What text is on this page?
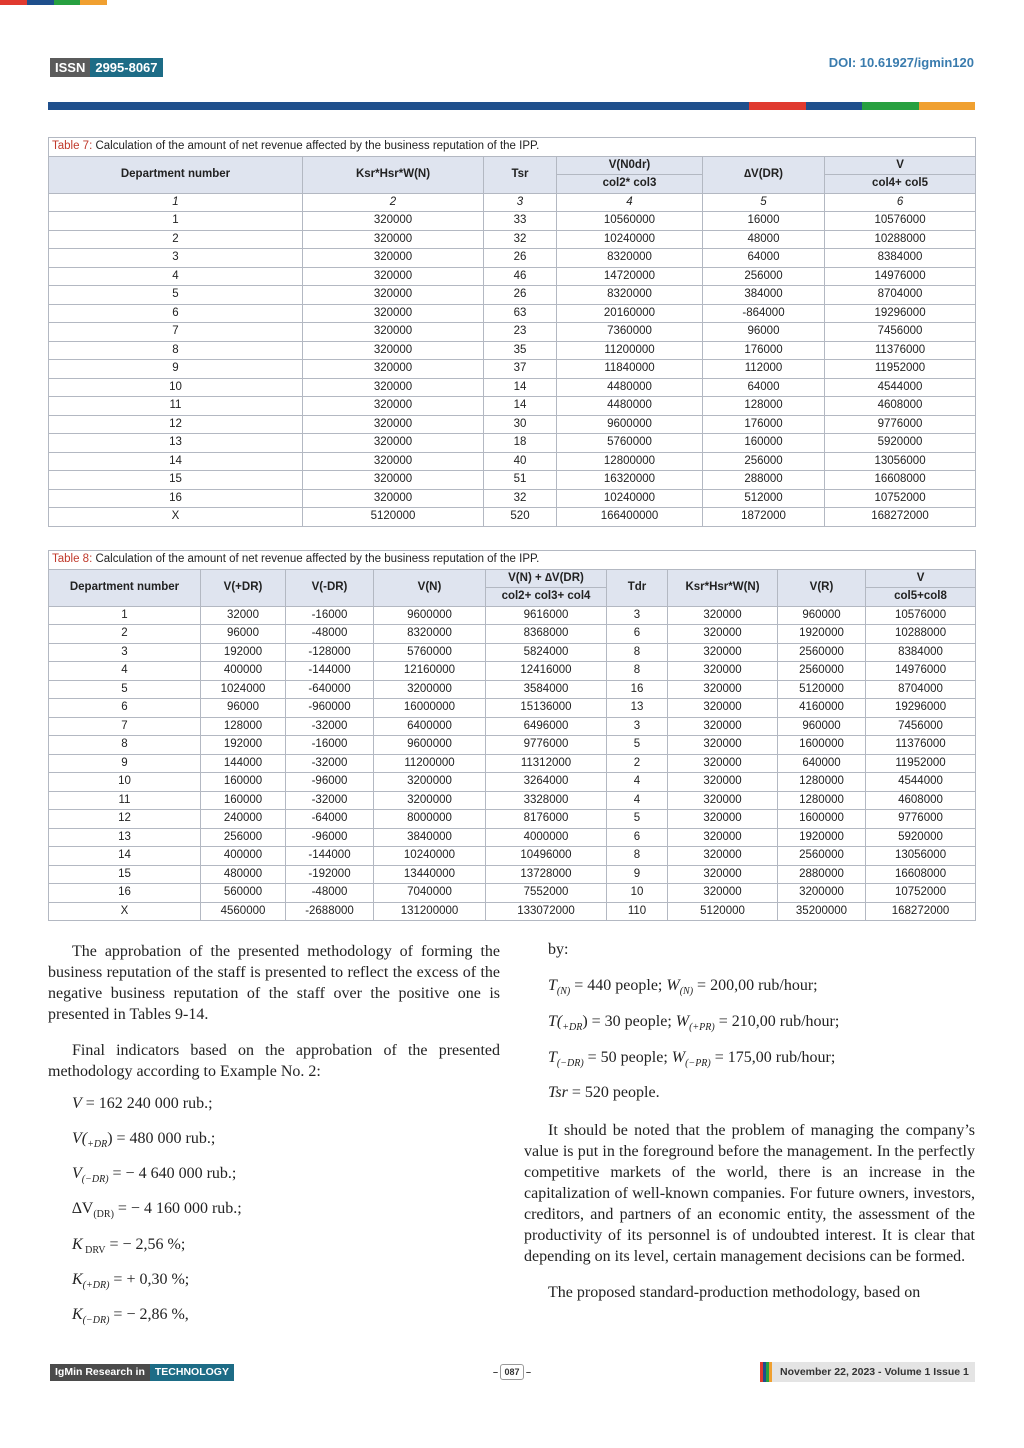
ISSN 2995-8067	DOI: 10.61927/igmin120
Table 7: Calculation of the amount of net revenue affected by the business reputation of the IPP.					
Department number	Ksr*Hsr*W(N)	Tsr	V(N0dr)	∆V(DR)	V
			col2* col3		col4+ col5
1	2	3	4	5	6
1	320000	33	10560000	16000	10576000
2	320000	32	10240000	48000	10288000
3	320000	26	8320000	64000	8384000
4	320000	46	14720000	256000	14976000
5	320000	26	8320000	384000	8704000
6	320000	63	20160000	-864000	19296000
7	320000	23	7360000	96000	7456000
8	320000	35	11200000	176000	11376000
9	320000	37	11840000	112000	11952000
10	320000	14	4480000	64000	4544000
11	320000	14	4480000	128000	4608000
12	320000	30	9600000	176000	9776000
13	320000	18	5760000	160000	5920000
14	320000	40	12800000	256000	13056000
15	320000	51	16320000	288000	16608000
16	320000	32	10240000	512000	10752000
X	5120000	520	166400000	1872000	168272000
Table 8: Calculation of the amount of net revenue affected by the business reputation of the IPP.								
Department number	V(+DR)	V(-DR)	V(N)	V(N) + ∆V(DR)	Tdr	Ksr*Hsr*W(N)	V(R)	V
				col2+ col3+ col4				col5+col8
1	32000	-16000	9600000	9616000	3	320000	960000	10576000
2	96000	-48000	8320000	8368000	6	320000	1920000	10288000
3	192000	-128000	5760000	5824000	8	320000	2560000	8384000
4	400000	-144000	12160000	12416000	8	320000	2560000	14976000
5	1024000	-640000	3200000	3584000	16	320000	5120000	8704000
6	96000	-960000	16000000	15136000	13	320000	4160000	19296000
7	128000	-32000	6400000	6496000	3	320000	960000	7456000
8	192000	-16000	9600000	9776000	5	320000	1600000	11376000
9	144000	-32000	11200000	11312000	2	320000	640000	11952000
10	160000	-96000	3200000	3264000	4	320000	1280000	4544000
11	160000	-32000	3200000	3328000	4	320000	1280000	4608000
12	240000	-64000	8000000	8176000	5	320000	1600000	9776000
13	256000	-96000	3840000	4000000	6	320000	1920000	5920000
14	400000	-144000	10240000	10496000	8	320000	2560000	13056000
15	480000	-192000	13440000	13728000	9	320000	2880000	16608000
16	560000	-48000	7040000	7552000	10	320000	3200000	10752000
X	4560000	-2688000	131200000	133072000	110	5120000	35200000	168272000

The approbation of the presented methodology of forming the business reputation of the staff is presented to reflect the excess of the negative business reputation of the staff over the positive one is presented in Tables 9-14.

Final indicators based on the approbation of the presented methodology according to Example No. 2:

V = 162 240 000 rub.;
$V(_{+DR}) = 480$ 000 rub.;
$V_{(-DR)}$ = − 4 640 000 rub.;
$\Delta V_{(DR)}$ = − 4 160 000 rub.;
K $_{DRV}$ = − 2,56 %;
$K_{(+DR)}$ = + 0,30 %;
$K_{(-DR)}$ = − 2,86 %,
by:
$T_{(N)} = 440$ people; $W_{(N)} = 200,00$ rub/hour;
$T(_{+DR}) = 30$ people; $W_{(+PR)} = 210,00$ rub/hour;
$T_{(-DR)} = 50$ people; $W_{(-PR)} = 175,00$ rub/hour;
Tsr = 520 people.

It should be noted that the problem of managing the company’s value is put in the foreground before the management. In the perfectly competitive markets of the world, there is an increase in the capitalization of well-known companies. For future owners, investors, creditors, and partners of an economic entity, the assessment of the productivity of its personnel is of undoubted interest. It is clear that depending on its level, certain management decisions can be formed.

The proposed standard-production methodology, based on

IgMin Research in TECHNOLOGY	– 087 –	November 22, 2023 - Volume 1 Issue 1
